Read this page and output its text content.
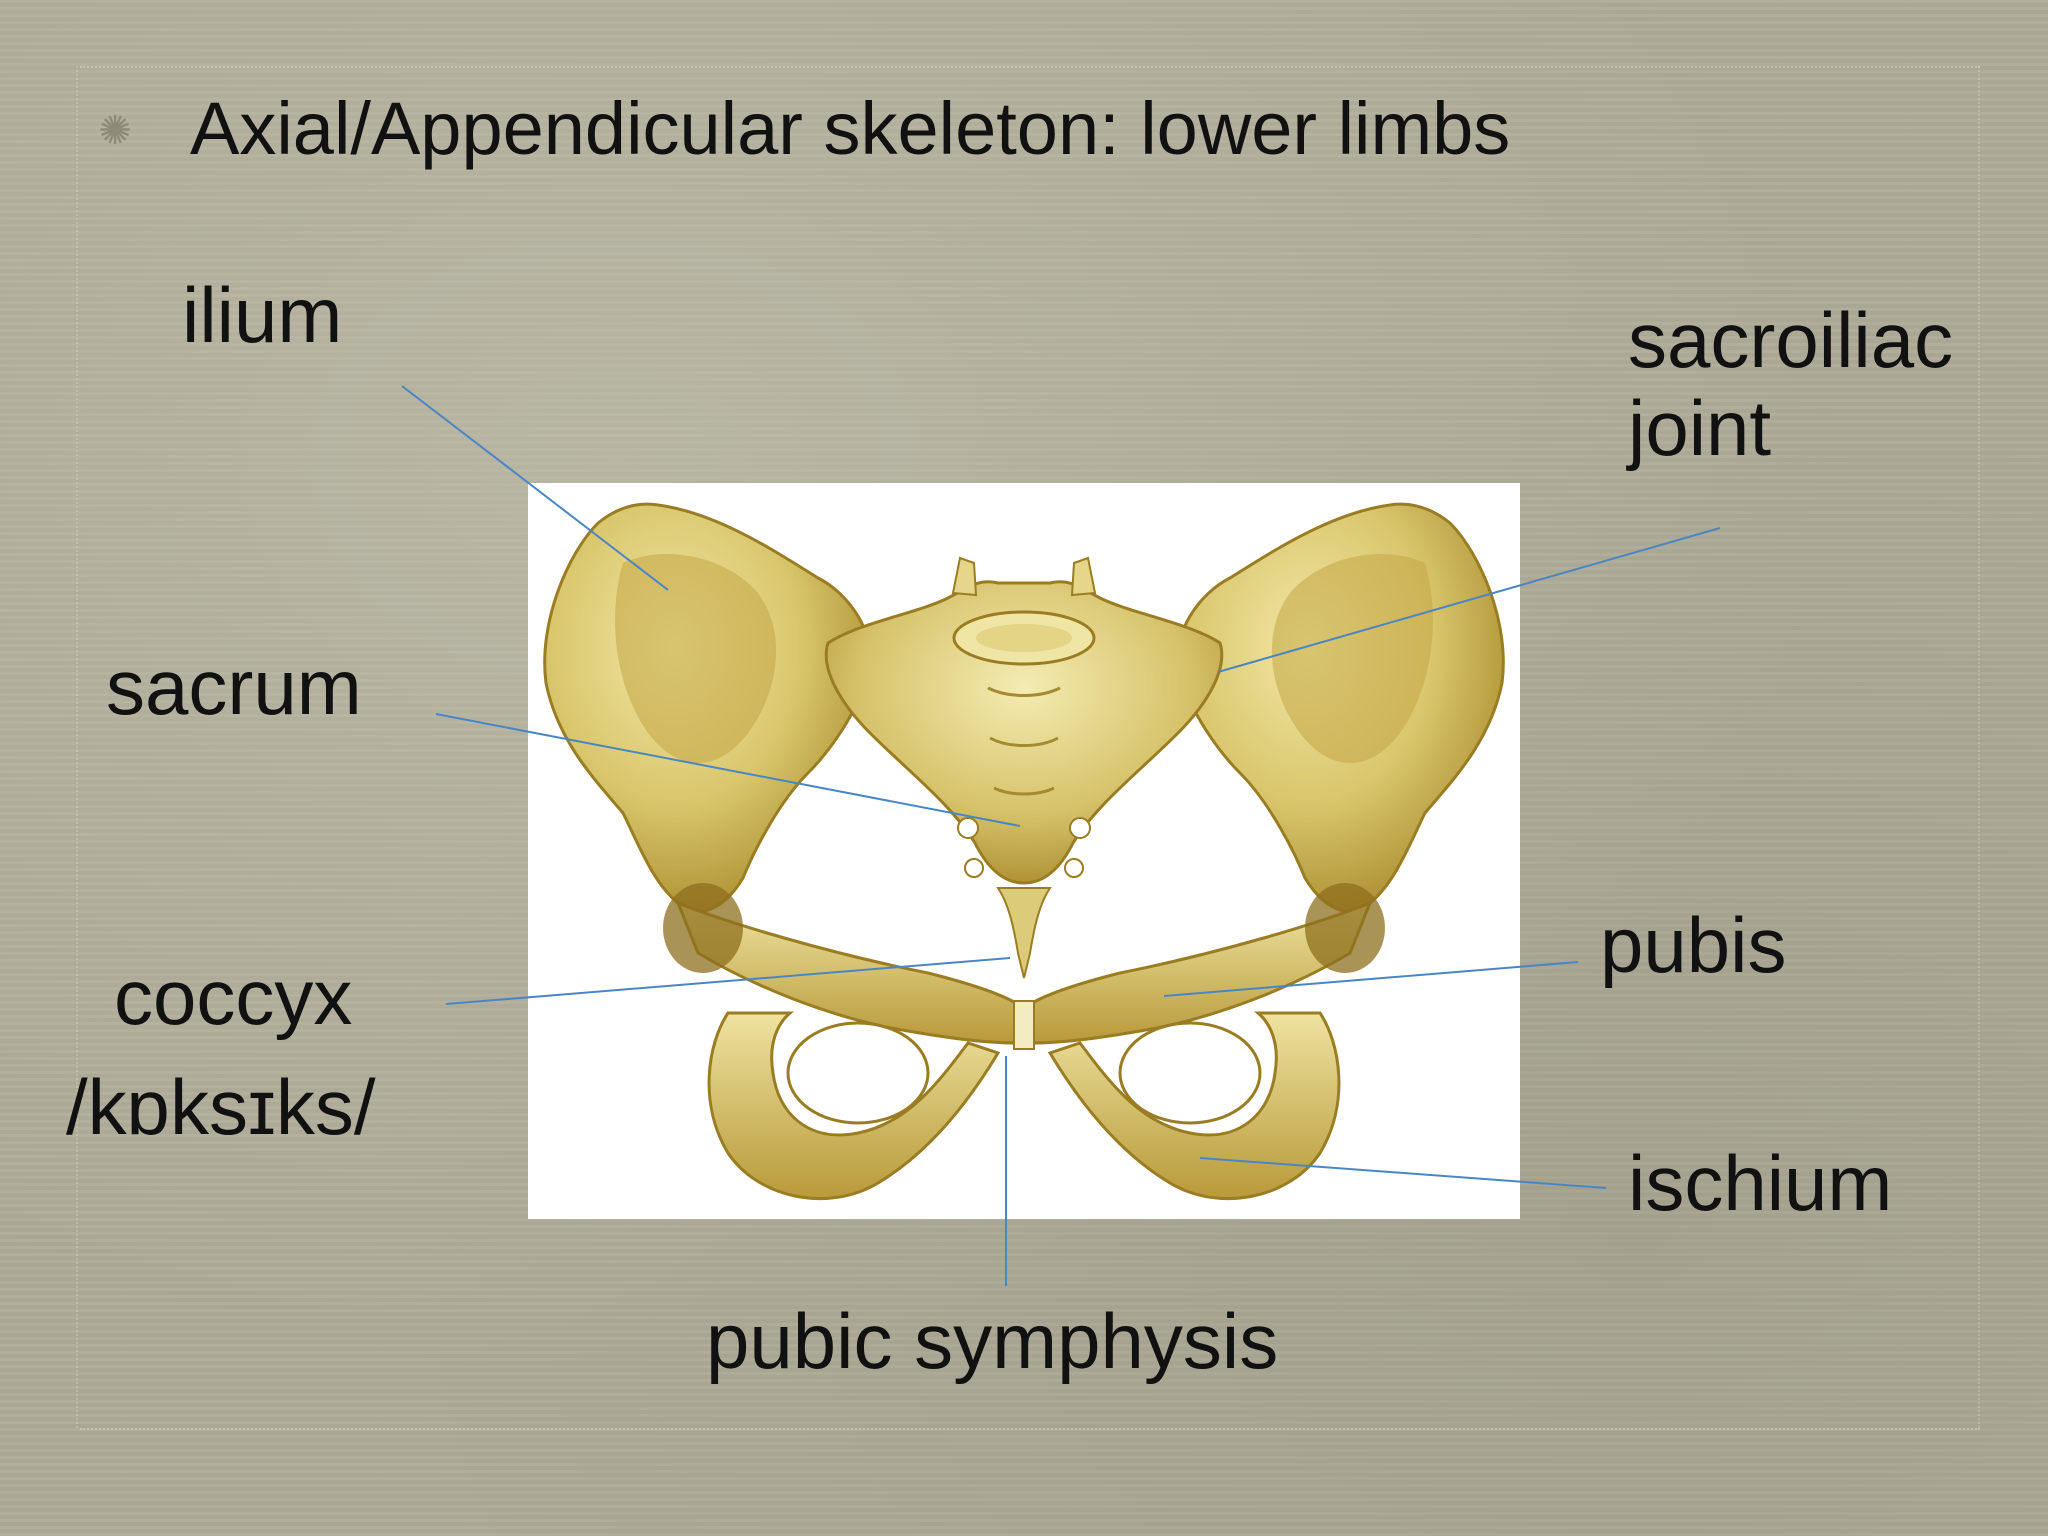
✺ Axial/Appendicular skeleton: lower limbs
ilium	sacroiliac
joint
sacrum
coccyx
/kɒksɪks/
pubis
ischium
pubic symphysis
